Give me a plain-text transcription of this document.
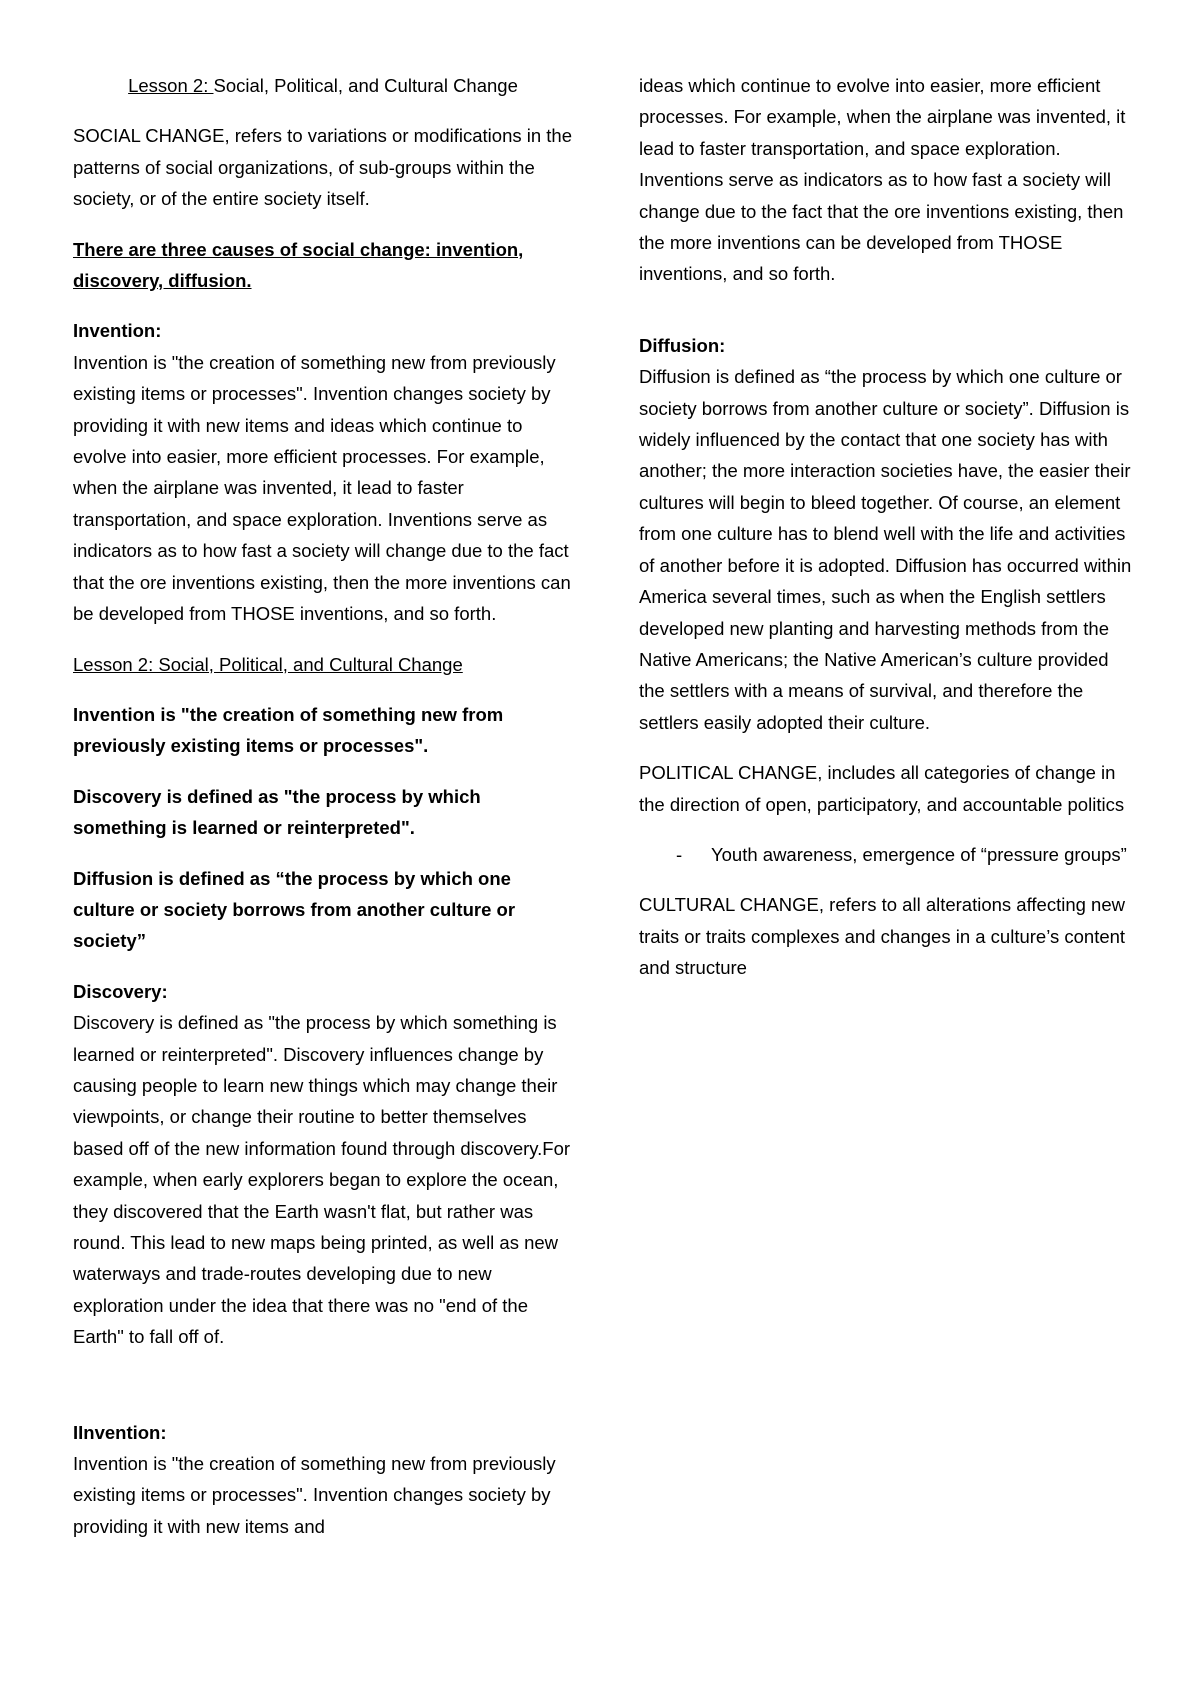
Lesson 2: Social, Political, and Cultural Change

SOCIAL CHANGE, refers to variations or modifications in the patterns of social organizations, of sub-groups within the society, or of the entire society itself.

There are three causes of social change: invention, discovery, diffusion.

Invention:
Invention is "the creation of something new from previously existing items or processes". Invention changes society by providing it with new items and ideas which continue to evolve into easier, more efficient processes. For example, when the airplane was invented, it lead to faster transportation, and space exploration. Inventions serve as indicators as to how fast a society will change due to the fact that the ore inventions existing, then the more inventions can be developed from THOSE inventions, and so forth.

Lesson 2: Social, Political, and Cultural Change

Invention is "the creation of something new from previously existing items or processes".

Discovery is defined as "the process by which something is learned or reinterpreted".

Diffusion is defined as “the process by which one culture or society borrows from another culture or society”

Discovery:
Discovery is defined as "the process by which something is learned or reinterpreted". Discovery influences change by causing people to learn new things which may change their viewpoints, or change their routine to better themselves based off of the new information found through discovery.For example, when early explorers began to explore the ocean, they discovered that the Earth wasn't flat, but rather was round. This lead to new maps being printed, as well as new waterways and trade-routes developing due to new exploration under the idea that there was no "end of the Earth" to fall off of.

IInvention:
Invention is "the creation of something new from previously existing items or processes". Invention changes society by providing it with new items and

ideas which continue to evolve into easier, more efficient processes. For example, when the airplane was invented, it lead to faster transportation, and space exploration. Inventions serve as indicators as to how fast a society will change due to the fact that the ore inventions existing, then the more inventions can be developed from THOSE inventions, and so forth.

Diffusion:
Diffusion is defined as “the process by which one culture or society borrows from another culture or society”. Diffusion is widely influenced by the contact that one society has with another; the more interaction societies have, the easier their cultures will begin to bleed together. Of course, an element from one culture has to blend well with the life and activities of another before it is adopted. Diffusion has occurred within America several times, such as when the English settlers developed new planting and harvesting methods from the Native Americans; the Native American’s culture provided the settlers with a means of survival, and therefore the settlers easily adopted their culture.

POLITICAL CHANGE, includes all categories of change in the direction of open, participatory, and accountable politics

- Youth awareness, emergence of “pressure groups”

CULTURAL CHANGE, refers to all alterations affecting new traits or traits complexes and changes in a culture’s content and structure
